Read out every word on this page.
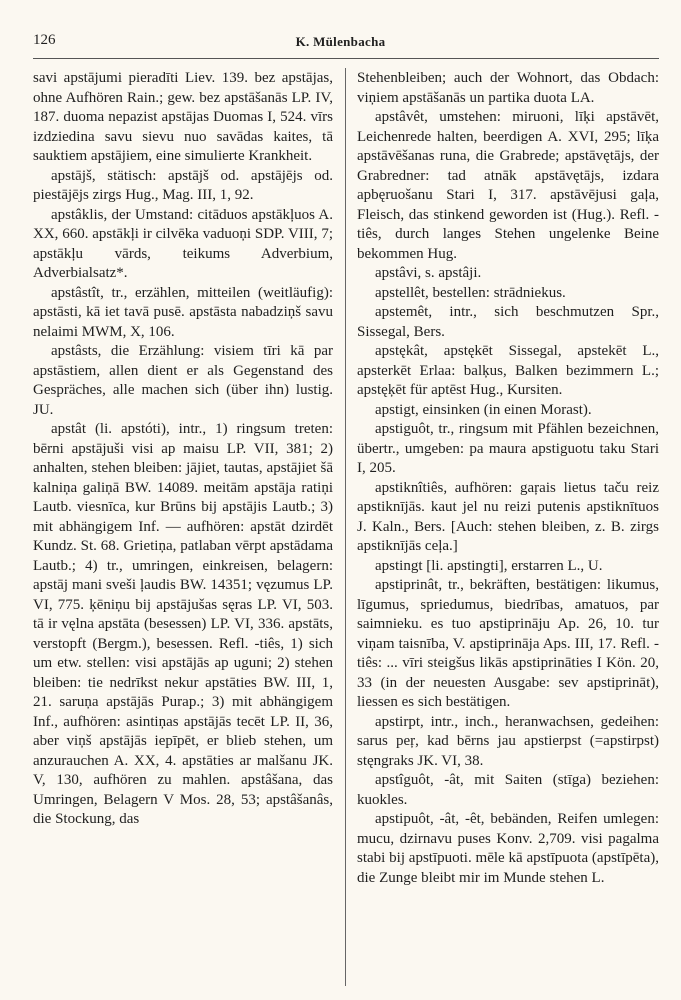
126	K. Mülenbacha

savi apstājumi pieradīti Liev. 139. bez apstājas, ohne Aufhören Rain.; gew. bez apstāšanās LP. IV, 187. duoma nepazist apstājas Duomas I, 524. vīrs izdziedina savu sievu nuo savādas kaites, tā sauktiem apstājiem, eine simulierte Krankheit.

apstājš, stätisch: apstājš od. apstājējs od. piestājējs zirgs Hug., Mag. III, 1, 92.

apstâklis, der Umstand: citāduos apstākļuos A. XX, 660. apstākļi ir cilvēka vaduoņi SDP. VIII, 7; apstākļu vārds, teikums Adverbium, Adverbialsatz*.

apstâstît, tr., erzählen, mitteilen (weitläufig): apstāsti, kā iet tavā pusē. apstāsta nabadziņš savu nelaimi MWM, X, 106.

apstâsts, die Erzählung: visiem tīri kā par apstāstiem, allen dient er als Gegenstand des Gespräches, alle machen sich (über ihn) lustig. JU.

apstât (li. apstóti), intr., 1) ringsum treten: bērni apstājuši visi ap maisu LP. VII, 381; 2) anhalten, stehen bleiben: jājiet, tautas, apstājiet šā kalniņa galiņā BW. 14089. meitām apstāja ratiņi Lautb. viesnīca, kur Brūns bij apstājis Lautb.; 3) mit abhängigem Inf. — aufhören: apstāt dzirdēt Kundz. St. 68. Grietiņa, patlaban vērpt apstādama Lautb.; 4) tr., umringen, einkreisen, belagern: apstāj mani sveši ļaudis BW. 14351; vęzumus LP. VI, 775. ķēniņu bij apstājušas sęras LP. VI, 503. tā ir vęlna apstāta (besessen) LP. VI, 336. apstāts, verstopft (Bergm.), besessen. Refl. -tiês, 1) sich um etw. stellen: visi apstājās ap uguni; 2) stehen bleiben: tie nedrīkst nekur apstāties BW. III, 1, 21. saruņa apstājās Purap.; 3) mit abhängigem Inf., aufhören: asintiņas apstājās tecēt LP. II, 36, aber viņš apstājās iepīpēt, er blieb stehen, um anzurauchen A. XX, 4. apstāties ar malšanu JK. V, 130, aufhören zu mahlen. apstâšana, das Umringen, Belagern V Mos. 28, 53; apstâšanâs, die Stockung, das

Stehenbleiben; auch der Wohnort, das Obdach: viņiem apstāšanās un partika duota LA.

apstâvêt, umstehen: miruoni, līķi apstāvēt, Leichenrede halten, beerdigen A. XVI, 295; līķa apstāvēšanas runa, die Grabrede; apstāvętājs, der Grabredner: tad atnāk apstāvętājs, izdara apbęruošanu Stari I, 317. apstāvējusi gaļa, Fleisch, das stinkend geworden ist (Hug.). Refl. -tiês, durch langes Stehen ungelenke Beine bekommen Hug.

apstâvi, s. apstâji.

apstellêt, bestellen: strādniekus.

apstemêt, intr., sich beschmutzen Spr., Sissegal, Bers.

apstękât, apstękēt Sissegal, apstekēt L., apsterkēt Erlaa: balķus, Balken bezimmern L.; apstęķēt für aptēst Hug., Kursiten.

apstigt, einsinken (in einen Morast).

apstiguôt, tr., ringsum mit Pfählen bezeichnen, übertr., umgeben: pa maura apstiguotu taku Stari I, 205.

apstiknîtiês, aufhören: gaŗais lietus taču reiz apstiknījās. kaut jel nu reizi putenis apstiknītuos J. Kaln., Bers. [Auch: stehen bleiben, z. B. zirgs apstiknījās ceļa.]

apstingt [li. apstingti], erstarren L., U.

apstiprinât, tr., bekräften, bestätigen: likumus, līgumus, spriedumus, biedrības, amatuos, par saimnieku. es tuo apstiprināju Ap. 26, 10. tur viņam taisnība, V. apstiprināja Aps. III, 17. Refl. -tiês: ... vīri steigšus likās apstiprināties I Kön. 20, 33 (in der neuesten Ausgabe: sev apstiprināt), liessen es sich bestätigen.

apstirpt, intr., inch., heranwachsen, gedeihen: sarus peŗ, kad bērns jau apstierpst (=apstirpst) stęngraks JK. VI, 38.

apstîguôt, -ât, mit Saiten (stīga) beziehen: kuokles.

apstipuôt, -ât, -êt, bebänden, Reifen umlegen: mucu, dzirnavu puses Konv. 2,709. visi pagalma stabi bij apstīpuoti. mēle kā apstīpuota (apstīpēta), die Zunge bleibt mir im Munde stehen L.
